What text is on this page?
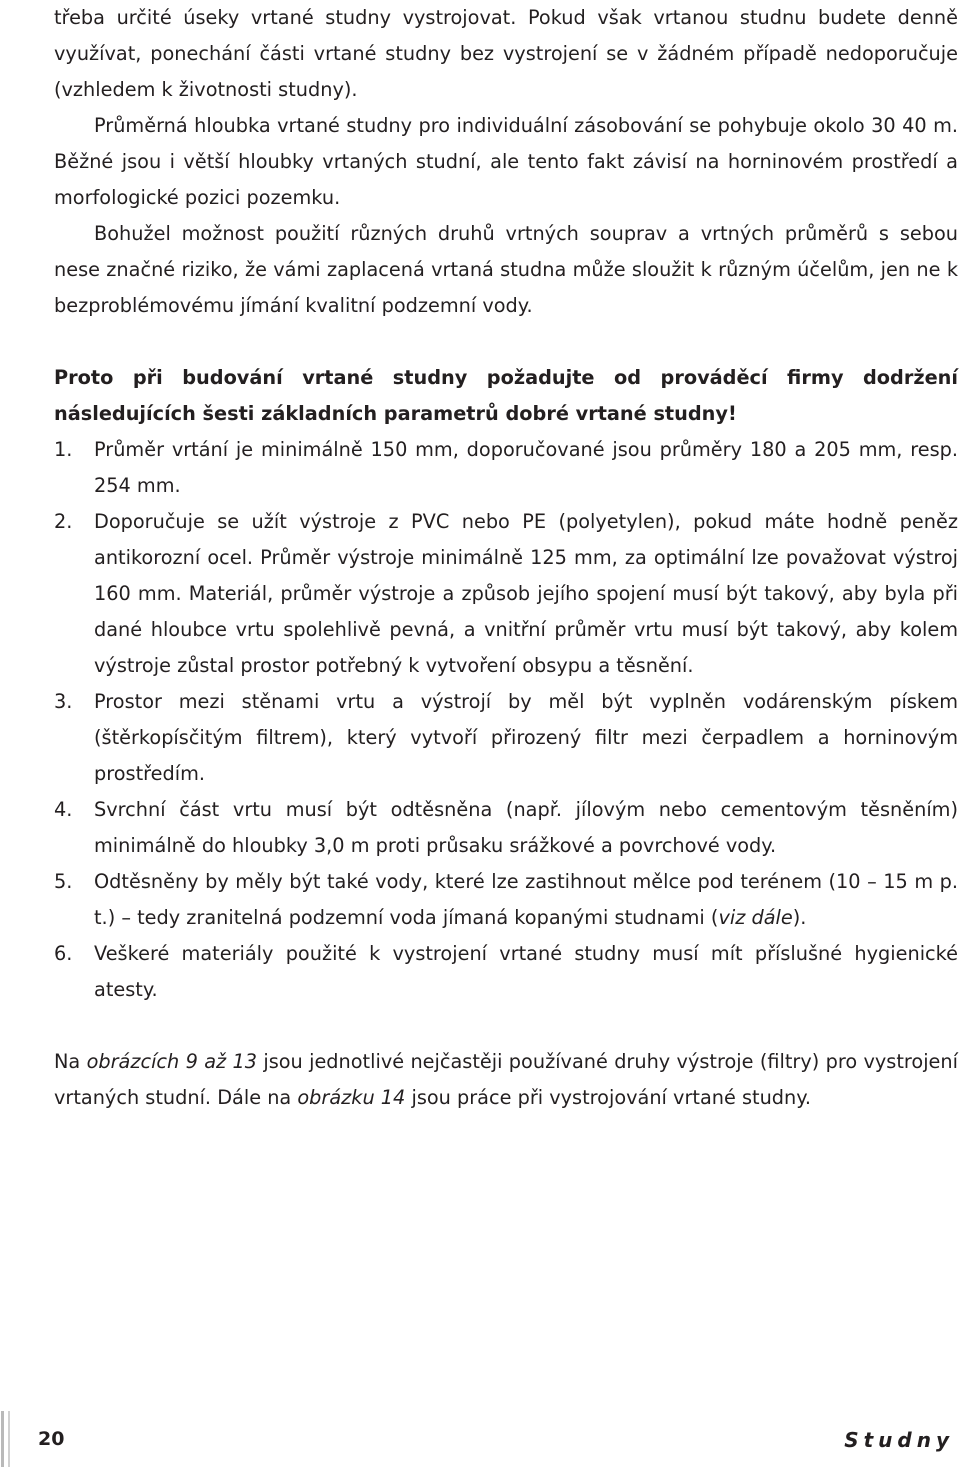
třeba určité úseky vrtané studny vystrojovat. Pokud však vrtanou studnu budete denně využívat, ponechání části vrtané studny bez vystrojení se v žádném případě nedoporučuje (vzhledem k životnosti studny).

Průměrná hloubka vrtané studny pro individuální zásobování se pohybuje okolo 30 40 m. Běžné jsou i větší hloubky vrtaných studní, ale tento fakt závisí na horninovém prostředí a morfologické pozici pozemku.

Bohužel možnost použití různých druhů vrtných souprav a vrtných průměrů s sebou nese značné riziko, že vámi zaplacená vrtaná studna může sloužit k různým účelům, jen ne k bezproblémovému jímání kvalitní podzemní vody.

Proto při budování vrtané studny požadujte od prováděcí firmy dodržení následujících šesti základních parametrů dobré vrtané studny!

1.	Průměr vrtání je minimálně 150 mm, doporučované jsou průměry 180 a 205 mm, resp. 254 mm.
2.	Doporučuje se užít výstroje z PVC nebo PE (polyetylen), pokud máte hodně peněz antikorozní ocel. Průměr výstroje minimálně 125 mm, za optimální lze považovat výstroj 160 mm. Materiál, průměr výstroje a způsob jejího spojení musí být takový, aby byla při dané hloubce vrtu spolehlivě pevná, a vnitřní průměr vrtu musí být takový, aby kolem výstroje zůstal prostor potřebný k vytvoření obsypu a těsnění.
3.	Prostor mezi stěnami vrtu a výstrojí by měl být vyplněn vodárenským pískem (štěrkopísčitým filtrem), který vytvoří přirozený filtr mezi čerpadlem a horninovým prostředím.
4.	Svrchní část vrtu musí být odtěsněna (např. jílovým nebo cementovým těsněním) minimálně do hloubky 3,0 m proti průsaku srážkové a povrchové vody.
5.	Odtěsněny by měly být také vody, které lze zastihnout mělce pod terénem (10 – 15 m p. t.) – tedy zranitelná podzemní voda jímaná kopanými studnami (viz dále).
6.	Veškeré materiály použité k vystrojení vrtané studny musí mít příslušné hygienické atesty.

Na obrázcích 9 až 13 jsou jednotlivé nejčastěji používané druhy výstroje (filtry) pro vystrojení vrtaných studní. Dále na obrázku 14 jsou práce při vystrojování vrtané studny.

20	Studny
